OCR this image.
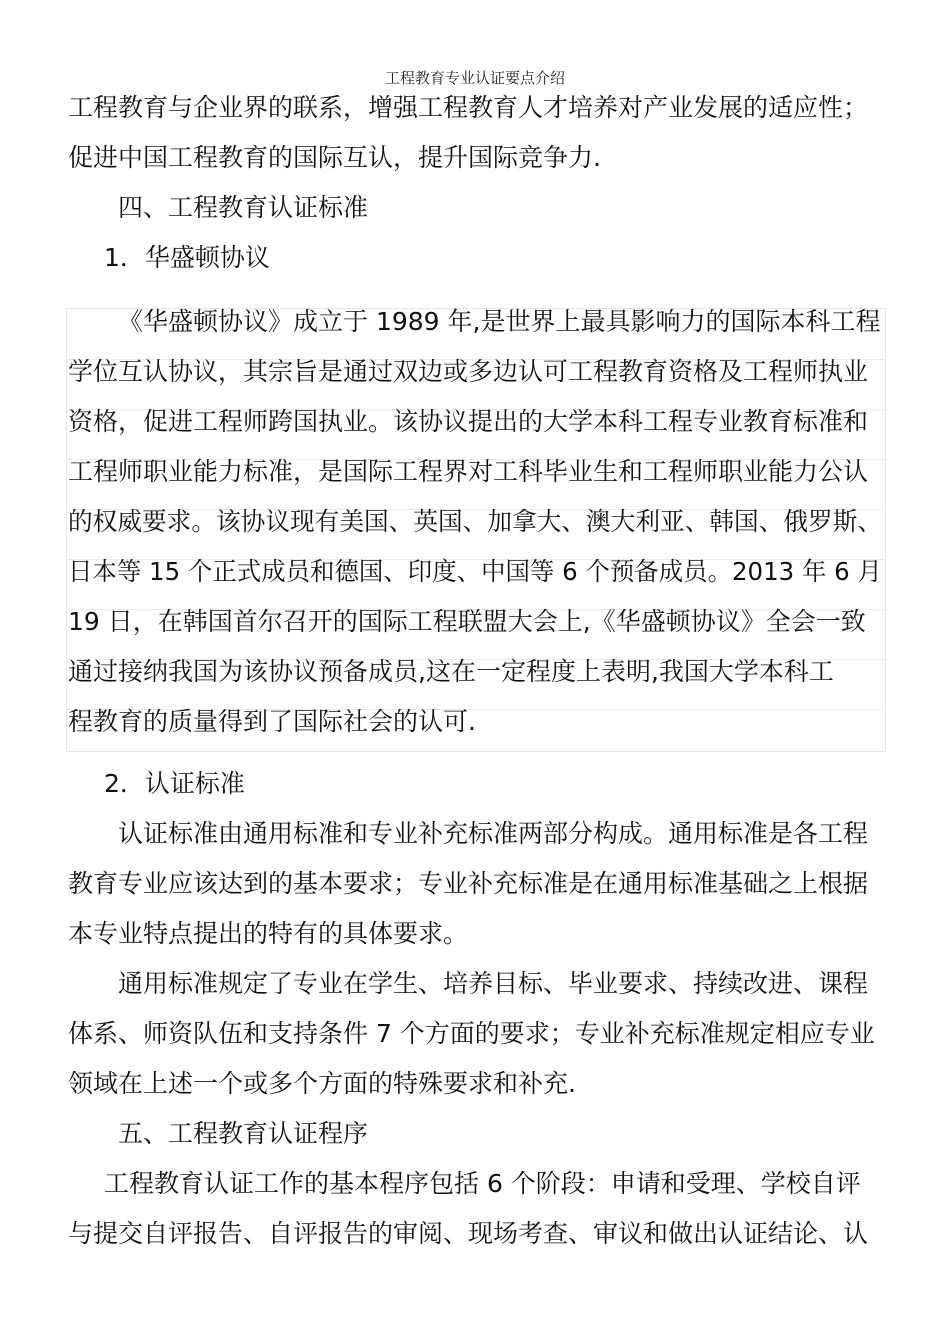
工程教育专业认证要点介绍
工程教育与企业界的联系，增强工程教育人才培养对产业发展的适应性；
促进中国工程教育的国际互认，提升国际竞争力.
四、工程教育认证标准
1．华盛顿协议
《华盛顿协议》成立于 1989 年,是世界上最具影响力的国际本科工程
学位互认协议，其宗旨是通过双边或多边认可工程教育资格及工程师执业
资格，促进工程师跨国执业。该协议提出的大学本科工程专业教育标准和
工程师职业能力标准，是国际工程界对工科毕业生和工程师职业能力公认
的权威要求。该协议现有美国、英国、加拿大、澳大利亚、韩国、俄罗斯、
日本等 15 个正式成员和德国、印度、中国等 6 个预备成员。2013 年 6 月
19 日，在韩国首尔召开的国际工程联盟大会上,《华盛顿协议》全会一致
通过接纳我国为该协议预备成员,这在一定程度上表明,我国大学本科工
程教育的质量得到了国际社会的认可.
2．认证标准
认证标准由通用标准和专业补充标准两部分构成。通用标准是各工程
教育专业应该达到的基本要求；专业补充标准是在通用标准基础之上根据
本专业特点提出的特有的具体要求。
通用标准规定了专业在学生、培养目标、毕业要求、持续改进、课程
体系、师资队伍和支持条件 7 个方面的要求；专业补充标准规定相应专业
领域在上述一个或多个方面的特殊要求和补充.
五、工程教育认证程序
工程教育认证工作的基本程序包括 6 个阶段：申请和受理、学校自评
与提交自评报告、自评报告的审阅、现场考查、审议和做出认证结论、认
